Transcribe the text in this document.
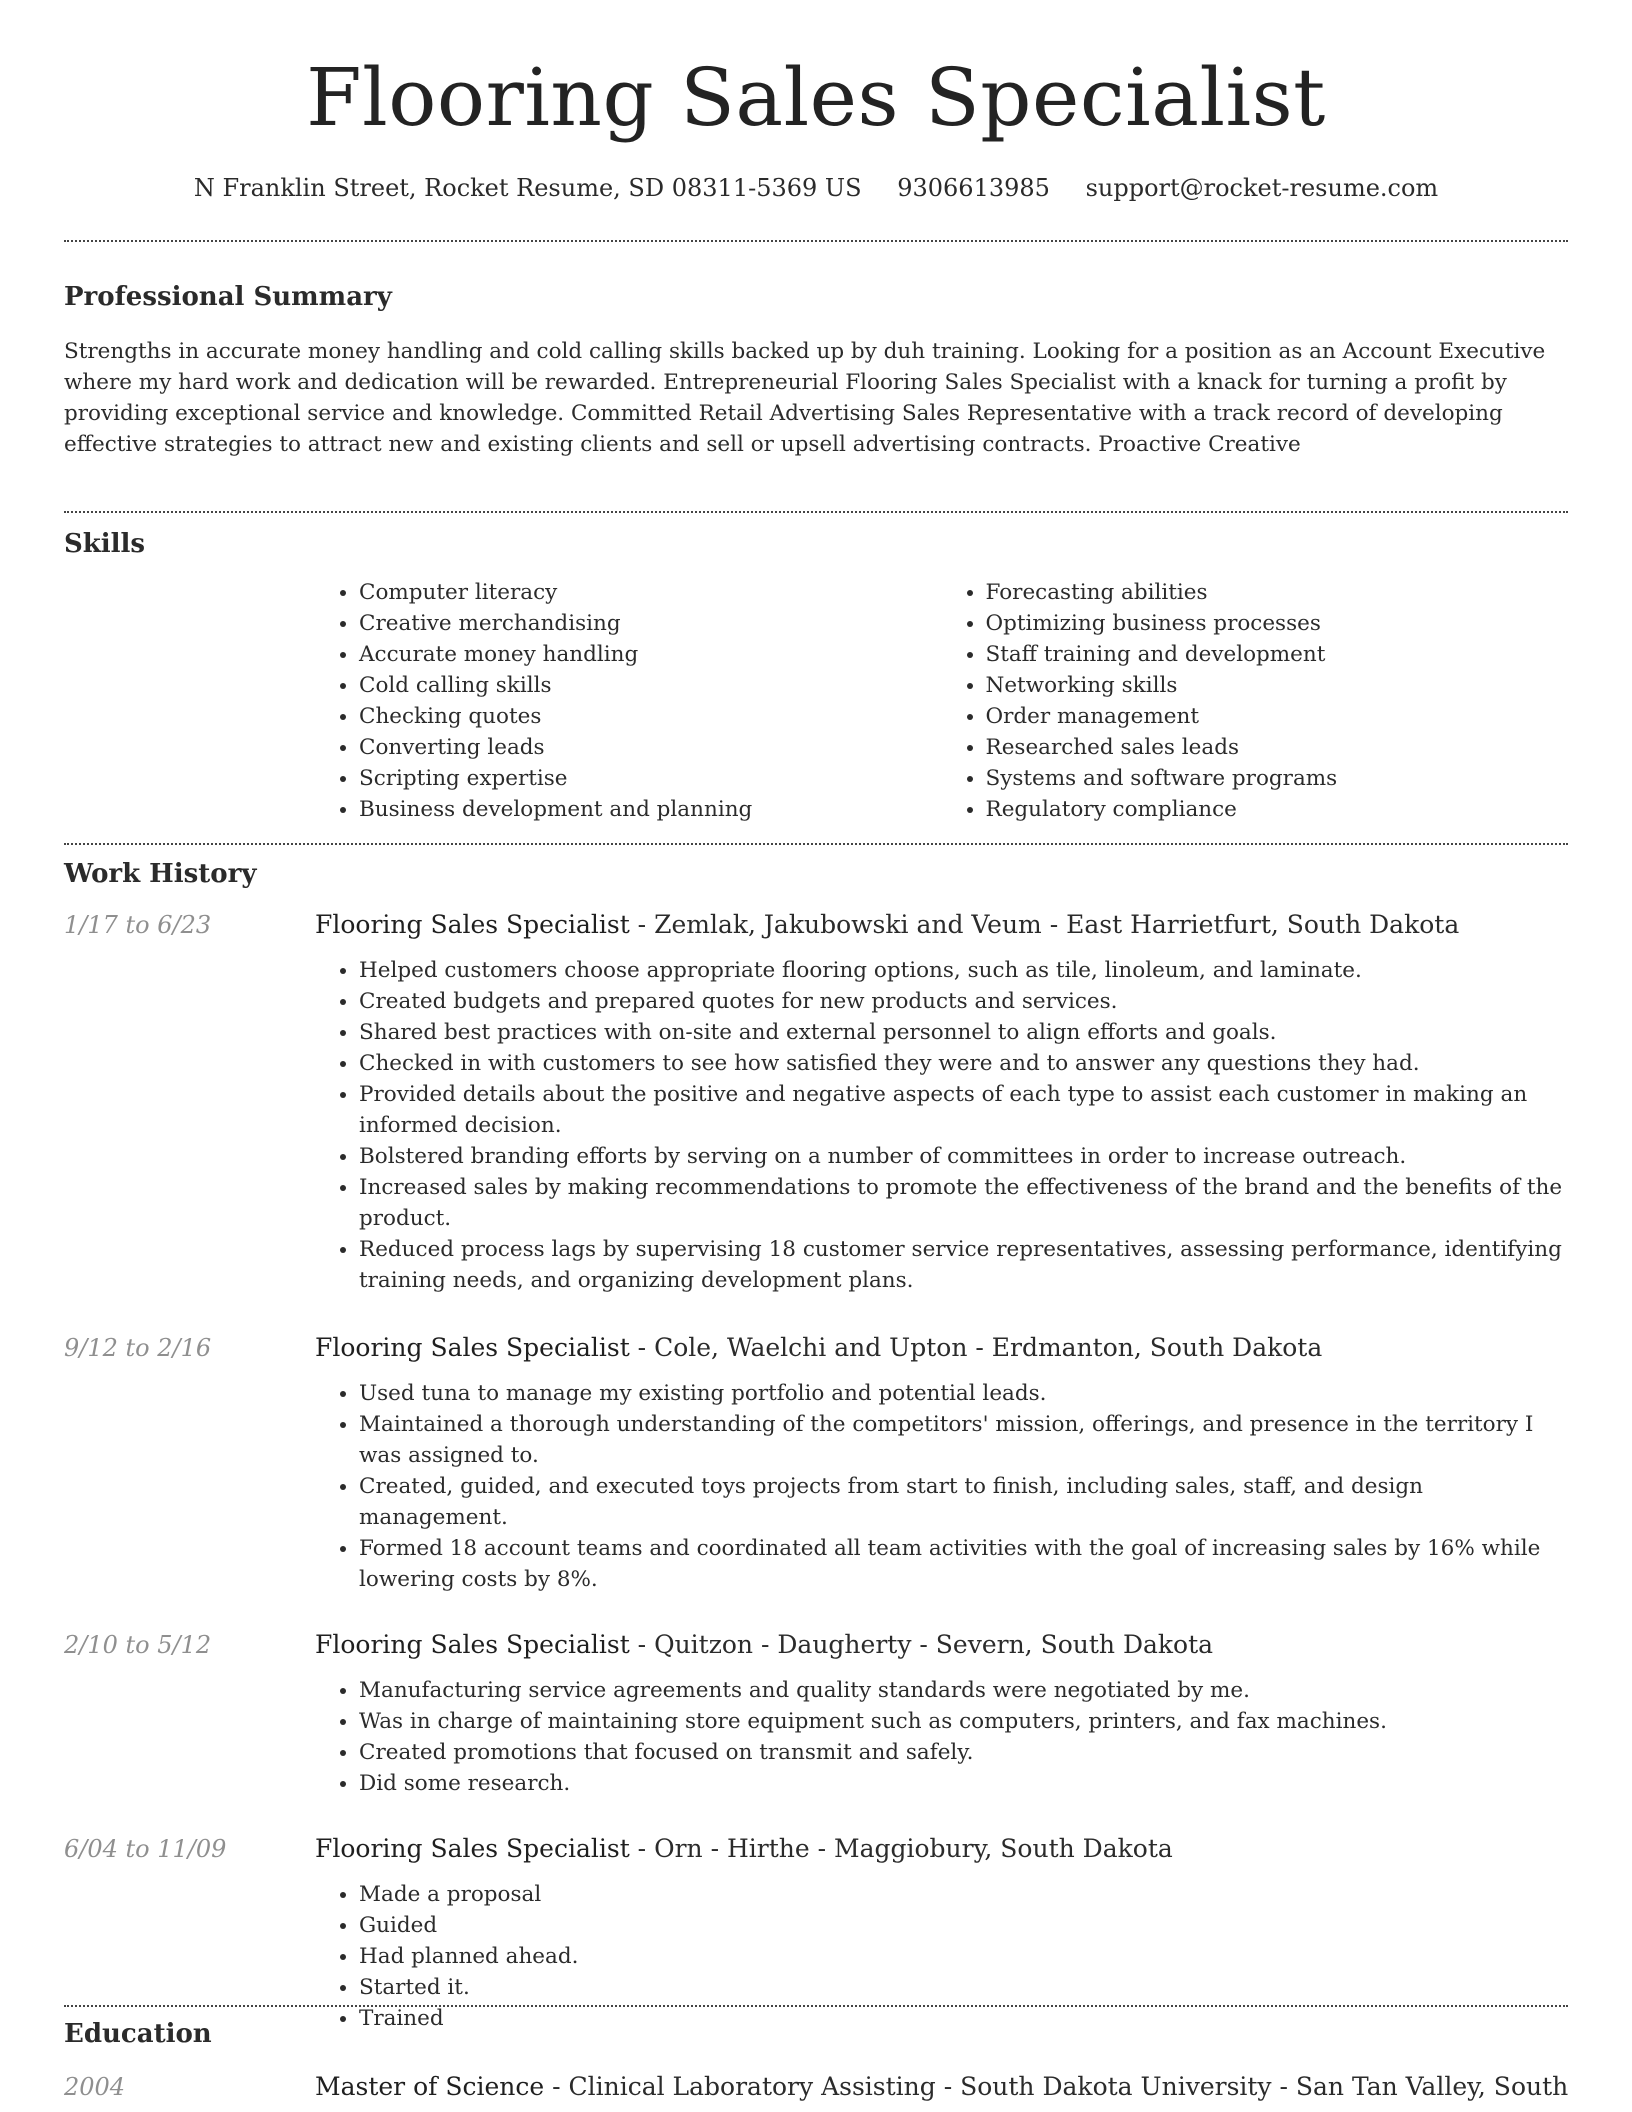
Flooring Sales Specialist
N Franklin Street, Rocket Resume, SD 08311-5369 US 9306613985 support@rocket-resume.com
Professional Summary

Strengths in accurate money handling and cold calling skills backed up by duh training. Looking for a position as an Account Executive where my hard work and dedication will be rewarded. Entrepreneurial Flooring Sales Specialist with a knack for turning a profit by providing exceptional service and knowledge. Committed Retail Advertising Sales Representative with a track record of developing effective strategies to attract new and existing clients and sell or upsell advertising contracts. Proactive Creative

Skills
• Computer literacy
• Creative merchandising
• Accurate money handling
• Cold calling skills
• Checking quotes
• Converting leads
• Scripting expertise
• Business development and planning
• Forecasting abilities
• Optimizing business processes
• Staff training and development
• Networking skills
• Order management
• Researched sales leads
• Systems and software programs
• Regulatory compliance
Work History
1/17 to 6/23	Flooring Sales Specialist - Zemlak, Jakubowski and Veum - East Harrietfurt, South Dakota

• Helped customers choose appropriate flooring options, such as tile, linoleum, and laminate.
• Created budgets and prepared quotes for new products and services.
• Shared best practices with on-site and external personnel to align efforts and goals.
• Checked in with customers to see how satisfied they were and to answer any questions they had.
• Provided details about the positive and negative aspects of each type to assist each customer in making an informed decision.
• Bolstered branding efforts by serving on a number of committees in order to increase outreach.
• Increased sales by making recommendations to promote the effectiveness of the brand and the benefits of the product.
• Reduced process lags by supervising 18 customer service representatives, assessing performance, identifying training needs, and organizing development plans.
9/12 to 2/16	Flooring Sales Specialist - Cole, Waelchi and Upton - Erdmanton, South Dakota

• Used tuna to manage my existing portfolio and potential leads.
• Maintained a thorough understanding of the competitors' mission, offerings, and presence in the territory I was assigned to.
• Created, guided, and executed toys projects from start to finish, including sales, staff, and design management.
• Formed 18 account teams and coordinated all team activities with the goal of increasing sales by 16% while lowering costs by 8%.
2/10 to 5/12	Flooring Sales Specialist - Quitzon - Daugherty - Severn, South Dakota

• Manufacturing service agreements and quality standards were negotiated by me.
• Was in charge of maintaining store equipment such as computers, printers, and fax machines.
• Created promotions that focused on transmit and safely.
• Did some research.
6/04 to 11/09	Flooring Sales Specialist - Orn - Hirthe - Maggiobury, South Dakota

• Made a proposal
• Guided
• Had planned ahead.
• Started it.
• Trained
Education
2004	Master of Science - Clinical Laboratory Assisting - South Dakota University - San Tan Valley, South
